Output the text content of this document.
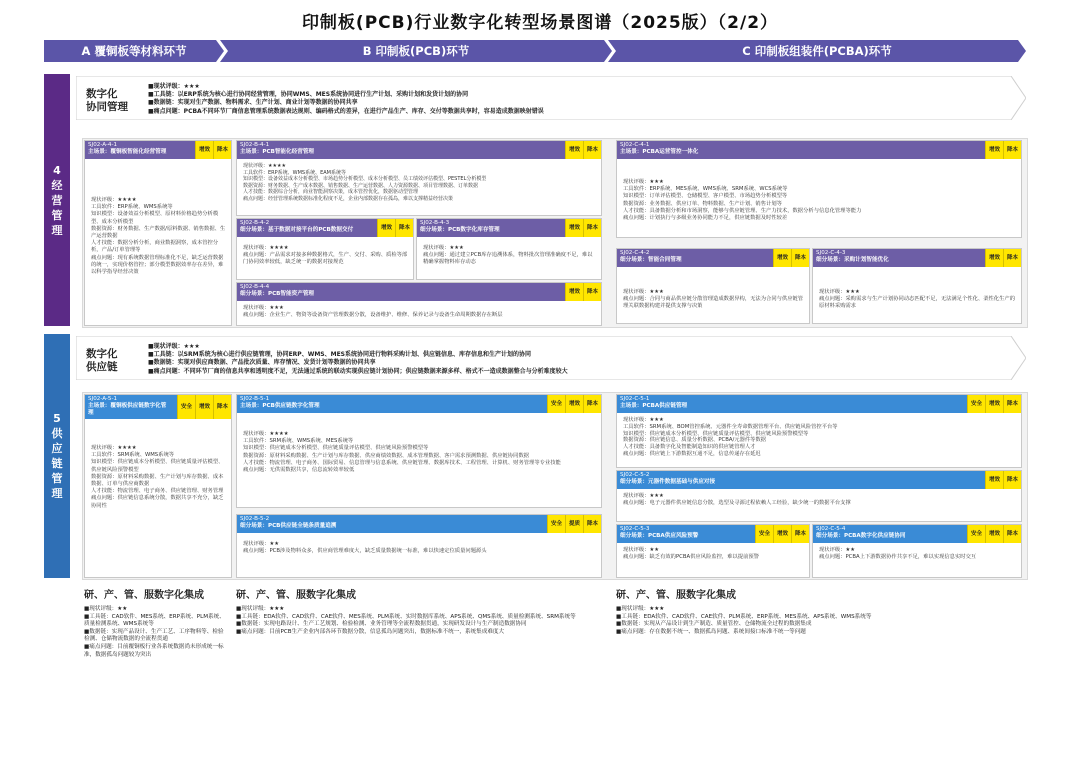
印制板(PCB)行业数字化转型场景图谱（2025版）（2/2）
A 覆铜板等材料环节	B 印制板(PCB)环节	C 印制板组装件(PCBA)环节
4
经
营
管
理
数字化
协同管理
■现状评级：★★★
■工具链：以ERP系统为核心进行协同经营管理，协同WMS、MES系统协同进行生产计划、采购计划和发货计划的协同
■数据链：实现对生产数据、物料需求、生产计划、商业计划等数据的协同共享
■痛点问题：PCBA不同环节厂商信息管理系统数据表达规则、编码格式的差异，在进行产品生产、库存、交付等数据共享时，容易造成数据映射错误
SJ02-A-4-1
主场景：覆铜板智能化经营管理	增效	降本
现状评级：★★★★
工具软件：ERP系统、WMS系统等
知识模型：设备效益分析模型、原材料价格趋势分析模型、成本分析模型
数据资源：财务数据、生产数据/原料数据、销售数据、生产运营数据
人才技能：数据分析分析，商业数据洞察，成本管控分析，产品/订单管理等
痛点问题：现有系统数据管理标准化不足，缺乏运营数据的统一，实现价格管控；部分模型数据效率存在差异，难以科学指导经营决策
SJ02-B-4-1
主场景：PCB智能化经营管理	增效	降本
现状评级：★★★★
工具软件：ERP系统、WMS系统、EAM系统等
知识模型：设备效益成本分析模型、市场趋势分析模型、成本分析模型、员工绩效评估模型、PESTEL分析模型
数据资源：财务数据、生产成本数据、销售数据、生产运营数据、人力资源数据、项目管理数据、订单数据
人才技能：数据综合分析，商业智能洞察决策，成本管控优化，数据驱动型管理
痛点问题：经营管理系统数据标准化程度不足，企业内部数据存在孤岛，难以支撑精益经营决策
SJ02-B-4-2
细分场景：基于数据对接平台的PCB数据交付	增效	降本
现状评级：★★★★
痛点问题：产品需求对接多种数据格式，生产、交付、采购、质检等部门协同效率较低，缺乏统一的数据对接规范
SJ02-B-4-3
细分场景：PCB数字化库存管理	增效	降本
现状评级：★★★
痛点问题：通过建立PCB库存追溯体系，物料批次管理准确度不足，难以精确掌握物料库存动态
SJ02-B-4-4
细分场景：PCB智能资产管理	增效	降本
现状评级：★★★
痛点问题：企业生产、物资等设备资产管理数据分散，设备维护、维修、保养记录与设备生命周期数据存在断层
SJ02-C-4-1
主场景：PCBA运营管控一体化	增效	降本
现状评级：★★★
工具软件：ERP系统、MES系统、WMS系统、SRM系统、WCS系统等
知识模型：订单评估模型、仓储模型、客户模型、市场趋势分析模型等
数据资源：业务数据、供应订单、物料数据、生产计划、销售计划等
人才技能：具备数据分析和市场洞察，能够与供应链管理、生产力技术，数据分析与信息化管理等能力
痛点问题：计划执行与多级业务协同能力不足，供应链数据及时性较差
SJ02-C-4-2
细分场景：智能合同管理	增效	降本
现状评级：★★★
痛点问题：合同与商品供应链分散管理造成数据异构，无法为合同与供应链管理关联数据构建并提供支撑与决策
SJ02-C-4-3
细分场景：采购计划智能优化	增效	降本
现状评级：★★★
痛点问题：采购需求与生产计划协同动态匹配不足，无法满足个性化、柔性化生产的原材料采购需求
5
供
应
链
管
理
数字化
供应链
■现状评级：★★★
■工具链：以SRM系统为核心进行供应链管理，协同ERP、WMS、MES系统协同进行物料采购计划、供应链信息、库存信息和生产计划的协同
■数据链：实现对供应商数据、产品批次质量、库存情况、发货计划等数据的协同共享
■痛点问题：不同环节厂商的信息共享和透明度不足，无法通过系统的联动实现供应链计划协同；供应链数据来源多样、格式不一造成数据整合与分析难度较大
SJ02-A-5-1
主场景：覆铜板供应链数字化管理
安全	增效	降本
现状评级：★★★★
工具软件：SRM系统、WMS系统等
知识模型：供应链成本分析模型、供应链质量评估模型、供应链风险预警模型
数据资源：原材料采购数据、生产计划与库存数据、成本数据、订单与供应商数据
人才技能：物流管理、电子商务、供应链管理、财务管理
痛点问题：供应链信息系统分散，数据共享不充分，缺乏协同性
SJ02-B-5-1
主场景：PCB供应链数字化管理	安全	增效	降本
现状评级：★★★★
工具软件：SRM系统、WMS系统、MES系统等
知识模型：供应链成本分析模型、供应链质量评估模型、供应链风险预警模型等
数据资源：原材料采购数据、生产计划与库存数据、供应商绩效数据、成本管理数据、客户需求预测数据、供应链协同数据
人才技能：物流管理、电子商务、国际贸易、信息管理与信息系统、供应链管理、数据库技术、工程管理、计算机、财务管理等专业技能
痛点问题：无供需数据共享，信息流转效率较低
SJ02-B-5-2
细分场景：PCB供应链全链条质量追溯	安全	提质	降本
现状评级：★★
痛点问题：PCB涉及物料众多，供应商管理难度大，缺乏质量数据统一标准，难以快速定位质量问题源头
SJ02-C-5-1
主场景：PCBA供应链管理	安全	增效	降本
现状评级：★★★
工具软件：SRM系统、BOM管控系统、元器件全寿命数据管理平台、供应链风险管控平台等
知识模型：供应链成本分析模型、供应链质量评估模型、供应链风险预警模型等
数据资源：供应链信息、质量分析数据、PCBA/元器件等数据
人才技能：具备数字化及智能制造知识的供应链管理人才
痛点问题：供应链上下游数据互通不足，信息传递存在延迟
SJ02-C-5-2
细分场景：元器件数据基础与供应对接	增效	降本
现状评级：★★★
痛点问题：电子元器件供应链信息分散，选型及寻源过程依赖人工经验，缺少统一的数据平台支撑
SJ02-C-5-3
细分场景：PCBA供应风险预警	安全	增效	降本
现状评级：★★
痛点问题：缺乏有效的PCBA供应风险监控，难以提前预警
SJ02-C-5-4
细分场景：PCBA数字化供应链协同	安全	增效	降本
现状评级：★★
痛点问题：PCBA上下游数据协作共享不足，难以实现信息实时交互
研、产、管、服数字化集成
■现状评级：★★
■工具链：CAD软件、MES系统、ERP系统、PLM系统、质量检测系统、WMS系统等
■数据链：实现产品设计、生产工艺、工序物料等、检验检测、仓储物流数据的全流程贯通
■痛点问题：目前覆铜板行业各系统数据尚未形成统一标准，数据孤岛问题较为突出
研、产、管、服数字化集成
■现状评级：★★★
■工具链：EDA软件、CAD软件、CAE软件、MES系统、PLM系统、实时数据库系统、APS系统、QMS系统、质量检测系统、SRM系统等
■数据链：实现电路设计、生产工艺规划、检验检测、业务管理等全流程数据贯通，实现研发设计与生产制造数据协同
■痛点问题：目前PCB生产企业内部各环节数据分散，信息孤岛问题突出，数据标准不统一，系统集成难度大
研、产、管、服数字化集成
■现状评级：★★★
■工具链：EDA软件、CAD软件、CAE软件、PLM系统、ERP系统、MES系统、APS系统、WMS系统等
■数据链：实现从产品设计到生产制造、质量管控、仓储物流全过程的数据集成
■痛点问题：存在数据不统一、数据孤岛问题、系统间接口标准不统一等问题
